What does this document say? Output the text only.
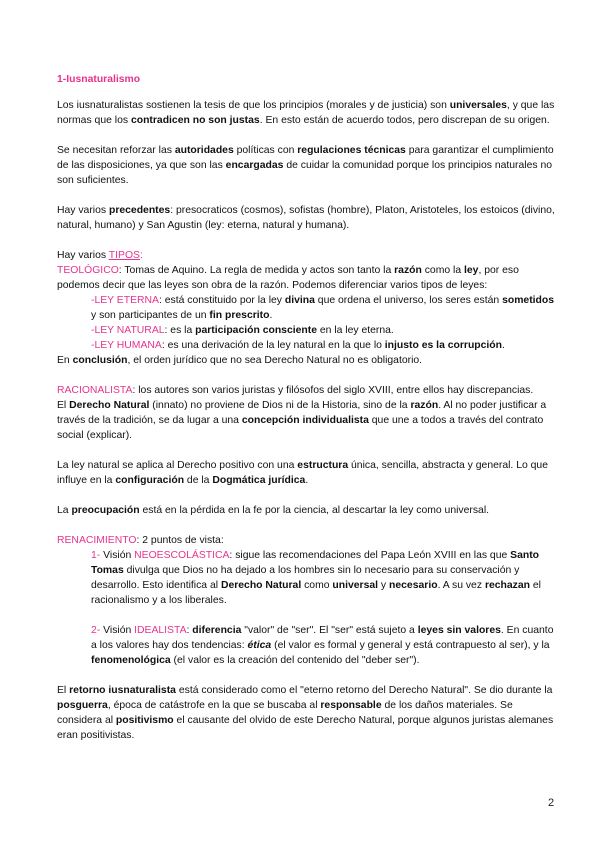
1-Iusnaturalismo

Los iusnaturalistas sostienen la tesis de que los principios (morales y de justicia) son universales, y que las normas que los contradicen no son justas. En esto están de acuerdo todos, pero discrepan de su origen.

Se necesitan reforzar las autoridades políticas con regulaciones técnicas para garantizar el cumplimiento de las disposiciones, ya que son las encargadas de cuidar la comunidad porque los principios naturales no son suficientes.

Hay varios precedentes: presocraticos (cosmos), sofistas (hombre), Platon, Aristoteles, los estoicos (divino, natural, humano) y San Agustin (ley: eterna, natural y humana).

Hay varios TIPOS:

TEOLÓGICO: Tomas de Aquino. La regla de medida y actos son tanto la razón como la ley, por eso podemos decir que las leyes son obra de la razón. Podemos diferenciar varios tipos de leyes:

-LEY ETERNA: está constituido por la ley divina que ordena el universo, los seres están sometidos y son participantes de un fin prescrito.

-LEY NATURAL: es la participación consciente en la ley eterna.

-LEY HUMANA: es una derivación de la ley natural en la que lo injusto es la corrupción.

En conclusión, el orden jurídico que no sea Derecho Natural no es obligatorio.

RACIONALISTA: los autores son varios juristas y filósofos del siglo XVIII, entre ellos hay discrepancias.

El Derecho Natural (innato) no proviene de Dios ni de la Historia, sino de la razón. Al no poder justificar a través de la tradición, se da lugar a una concepción individualista que une a todos a través del contrato social (explicar).

La ley natural se aplica al Derecho positivo con una estructura única, sencilla, abstracta y general. Lo que influye en la configuración de la Dogmática jurídica.

La preocupación está en la pérdida en la fe por la ciencia, al descartar la ley como universal.

RENACIMIENTO: 2 puntos de vista:

1- Visión NEOESCOLÁSTICA: sigue las recomendaciones del Papa León XVIII en las que Santo Tomas divulga que Dios no ha dejado a los hombres sin lo necesario para su conservación y desarrollo. Esto identifica al Derecho Natural como universal y necesario. A su vez rechazan el racionalismo y a los liberales.

2- Visión IDEALISTA: diferencia "valor" de "ser". El "ser" está sujeto a leyes sin valores. En cuanto a los valores hay dos tendencias: ética (el valor es formal y general y está contrapuesto al ser), y la fenomenológica (el valor es la creación del contenido del "deber ser").

El retorno iusnaturalista está considerado como el "eterno retorno del Derecho Natural". Se dio durante la posguerra, época de catástrofe en la que se buscaba al responsable de los daños materiales. Se considera al positivismo el causante del olvido de este Derecho Natural, porque algunos juristas alemanes eran positivistas.

2
